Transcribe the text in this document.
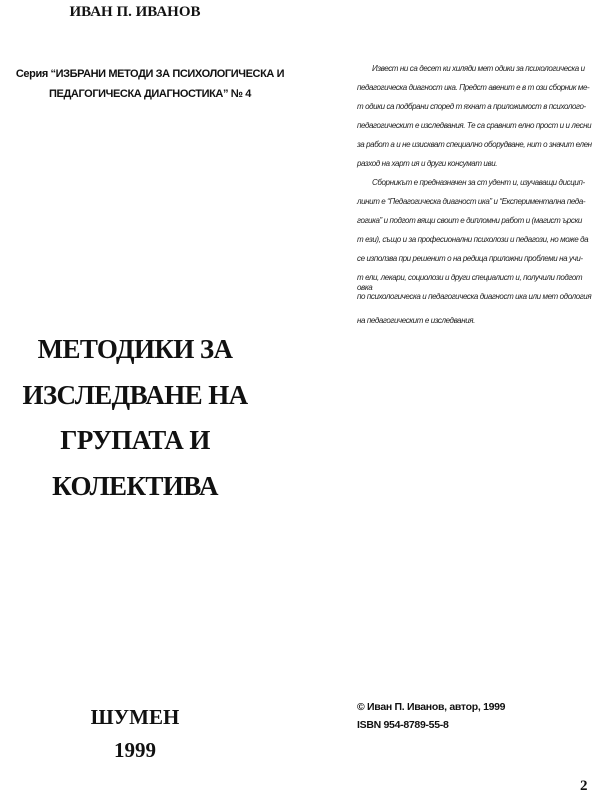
ИВАН П. ИВАНОВ
Серия “ИЗБРАНИ МЕТОДИ ЗА ПСИХОЛОГИЧЕСКА И
ПЕДАГОГИЧЕСКА ДИАГНОСТИКА” № 4
МЕТОДИКИ ЗА
ИЗСЛЕДВАНЕ НА
ГРУПАТА И
КОЛЕКТИВА
ШУМЕН
1999
Извест ни са десет ки хиляди мет одики за психологическа и
педагогическа диагност ика. Предст авенит е в т ози сборник ме-
т одики са подбрани според т яхнат а приложимост в психолого-
педагогическит е изследвания. Те са сравнит елно прост и и лесни
за работ а и не изискват специално оборудване, нит о значит елен
разход на харт ия и други консумат иви.
Сборникът е предназначен за ст удент и, изучаващи дисцип-
линит е “Педагогическа диагност ика” и “Експериментална педа-
гогика” и подгот вящи своит е дипломни работ и (магист ърски
т ези), също и за професионални психолози и педагози, но може да
се използва при решенит о на редица приложни проблеми на учи-
т ели, лекари, социолози и други специалист и, получили подгот овка
по психологическа и педагогическа диагност ика или мет одология
на педагогическит е изследвания.
© Иван П. Иванов, автор, 1999
ISBN 954-8789-55-8
2
